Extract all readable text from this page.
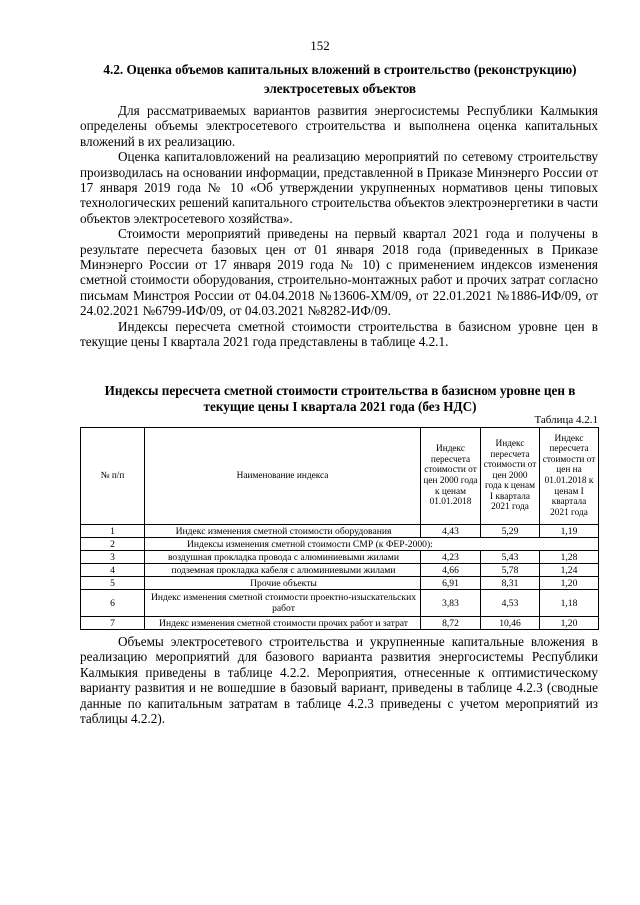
152
4.2. Оценка объемов капитальных вложений в строительство (реконструкцию) электросетевых объектов

Для рассматриваемых вариантов развития энергосистемы Республики Калмыкия определены объемы электросетевого строительства и выполнена оценка капитальных вложений в их реализацию.

Оценка капиталовложений на реализацию мероприятий по сетевому строительству производилась на основании информации, представленной в Приказе Минэнерго России от 17 января 2019 года № 10 «Об утверждении укрупненных нормативов цены типовых технологических решений капитального строительства объектов электроэнергетики в части объектов электросетевого хозяйства».

Стоимости мероприятий приведены на первый квартал 2021 года и получены в результате пересчета базовых цен от 01 января 2018 года (приведенных в Приказе Минэнерго России от 17 января 2019 года № 10) с применением индексов изменения сметной стоимости оборудования, строительно-монтажных работ и прочих затрат согласно письмам Минстроя России от 04.04.2018 №13606-ХМ/09, от 22.01.2021 №1886-ИФ/09, от 24.02.2021 №6799-ИФ/09, от 04.03.2021 №8282-ИФ/09.

Индексы пересчета сметной стоимости строительства в базисном уровне цен в текущие цены I квартала 2021 года представлены в таблице 4.2.1.

Индексы пересчета сметной стоимости строительства в базисном уровне цен в текущие цены I квартала 2021 года (без НДС)
Таблица 4.2.1
№ п/п	Наименование индекса	Индекс пересчета стоимости от цен 2000 года к ценам 01.01.2018	Индекс пересчета стоимости от цен 2000 года к ценам I квартала 2021 года	Индекс пересчета стоимости от цен на 01.01.2018 к ценам I квартала 2021 года
1	Индекс изменения сметной стоимости оборудования	4,43	5,29	1,19
2	Индексы изменения сметной стоимости СМР (к ФЕР-2000):			
3	воздушная прокладка провода с алюминиевыми жилами	4,23	5,43	1,28
4	подземная прокладка кабеля с алюминиевыми жилами	4,66	5,78	1,24
5	Прочие объекты	6,91	8,31	1,20
6	Индекс изменения сметной стоимости проектно-изыскательских работ	3,83	4,53	1,18
7	Индекс изменения сметной стоимости прочих работ и затрат	8,72	10,46	1,20

Объемы электросетевого строительства и укрупненные капитальные вложения в реализацию мероприятий для базового варианта развития энергосистемы Республики Калмыкия приведены в таблице 4.2.2. Мероприятия, отнесенные к оптимистическому варианту развития и не вошедшие в базовый вариант, приведены в таблице 4.2.3 (сводные данные по капитальным затратам в таблице 4.2.3 приведены с учетом мероприятий из таблицы 4.2.2).
